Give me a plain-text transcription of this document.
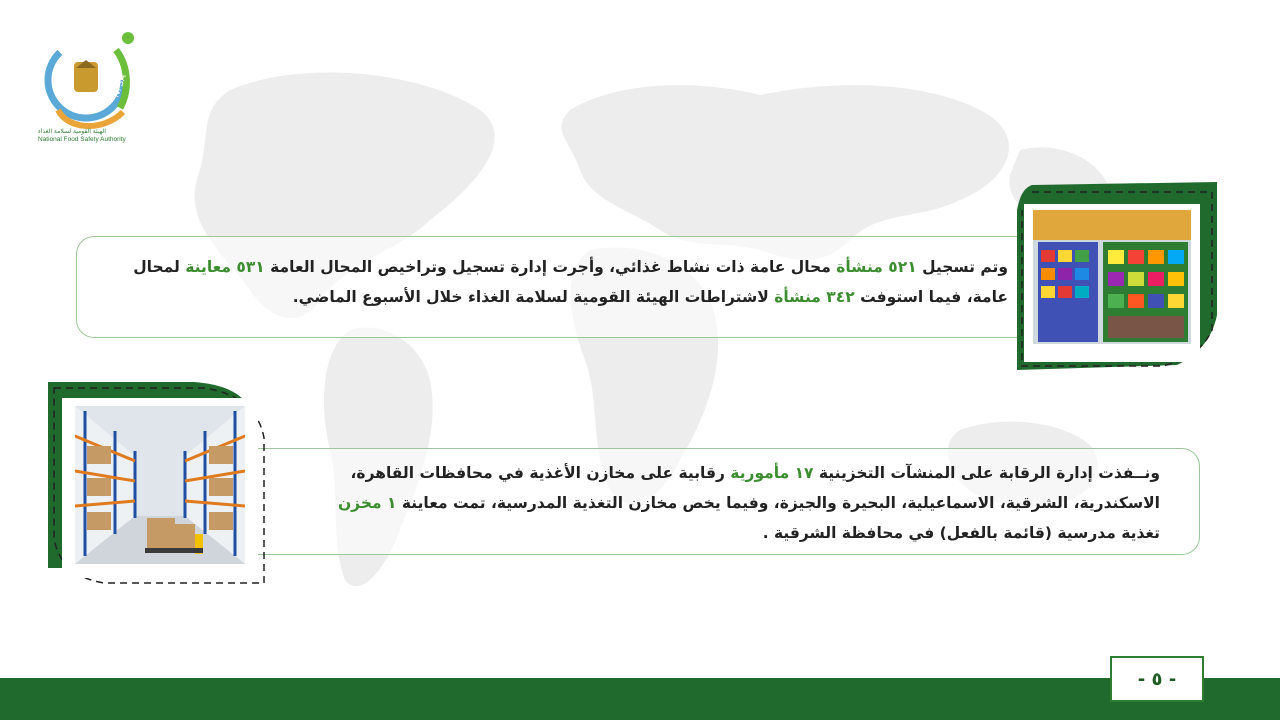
NFSA
الهيئة القومية لسلامة الغذاء
National Food Safety Authority
وتم تسجيل ٥٢١ منشأة محال عامة ذات نشاط غذائي، وأجرت إدارة تسجيل وتراخيص المحال العامة ٥٣١ معاينة لمحال عامة، فيما استوفت ٣٤٢ منشأة لاشتراطات الهيئة القومية لسلامة الغذاء خلال الأسبوع الماضي.
ونــفذت إدارة الرقابة على المنشآت التخزينية ١٧ مأمورية رقابية على مخازن الأغذية في محافظات القاهرة، الاسكندرية، الشرقية، الاسماعيلية، البحيرة والجيزة، وفيما يخص مخازن التغذية المدرسية، تمت معاينة ١ مخزن تغذية مدرسية (قائمة بالفعل) في محافظة الشرقية .
- ٥ -
